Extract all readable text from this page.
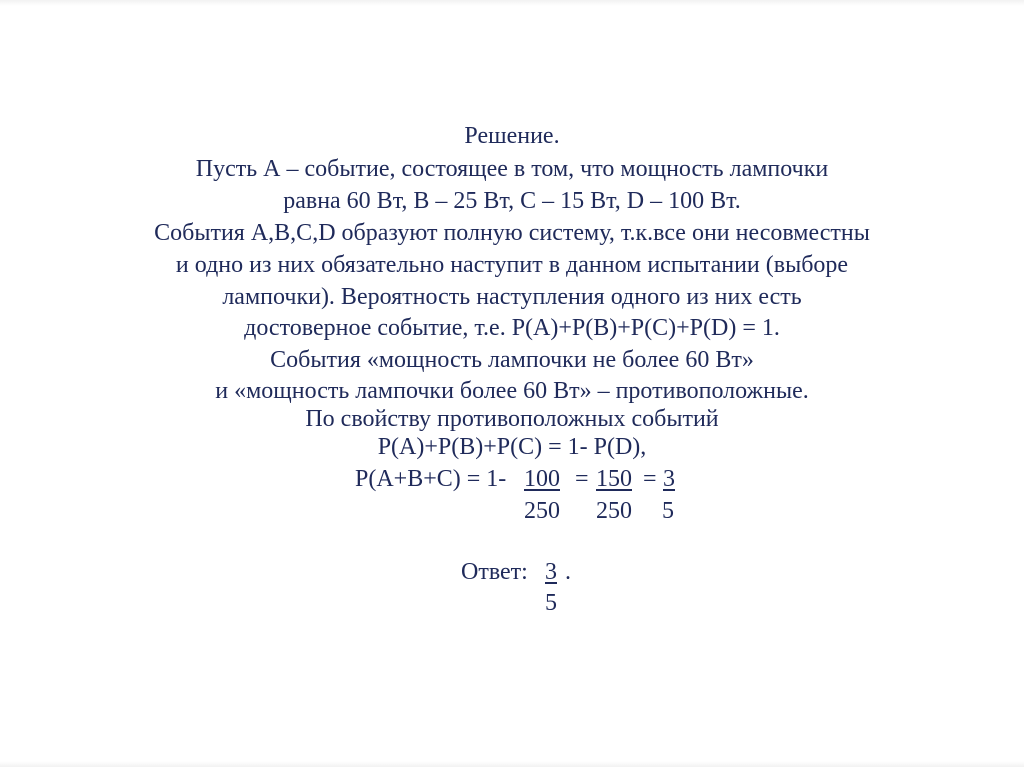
Решение.
Пусть А – событие, состоящее в том, что мощность лампочки
равна 60 Вт, В – 25 Вт, С – 15 Вт, D – 100 Вт.
События А,В,С,D образуют полную систему, т.к.все они несовместны
и одно из них обязательно наступит в данном испытании (выборе
лампочки). Вероятность наступления одного из них есть
достоверное событие, т.е. Р(А)+Р(В)+Р(С)+Р(D) = 1.
События «мощность лампочки не более 60 Вт»
и «мощность лампочки более 60 Вт» – противоположные.
По свойству противоположных событий
Р(А)+Р(В)+Р(С) = 1- Р(D),
Р(А+В+С) = 1- 100 = 150 = 3
250 250 5
Ответ: 3 .
5
